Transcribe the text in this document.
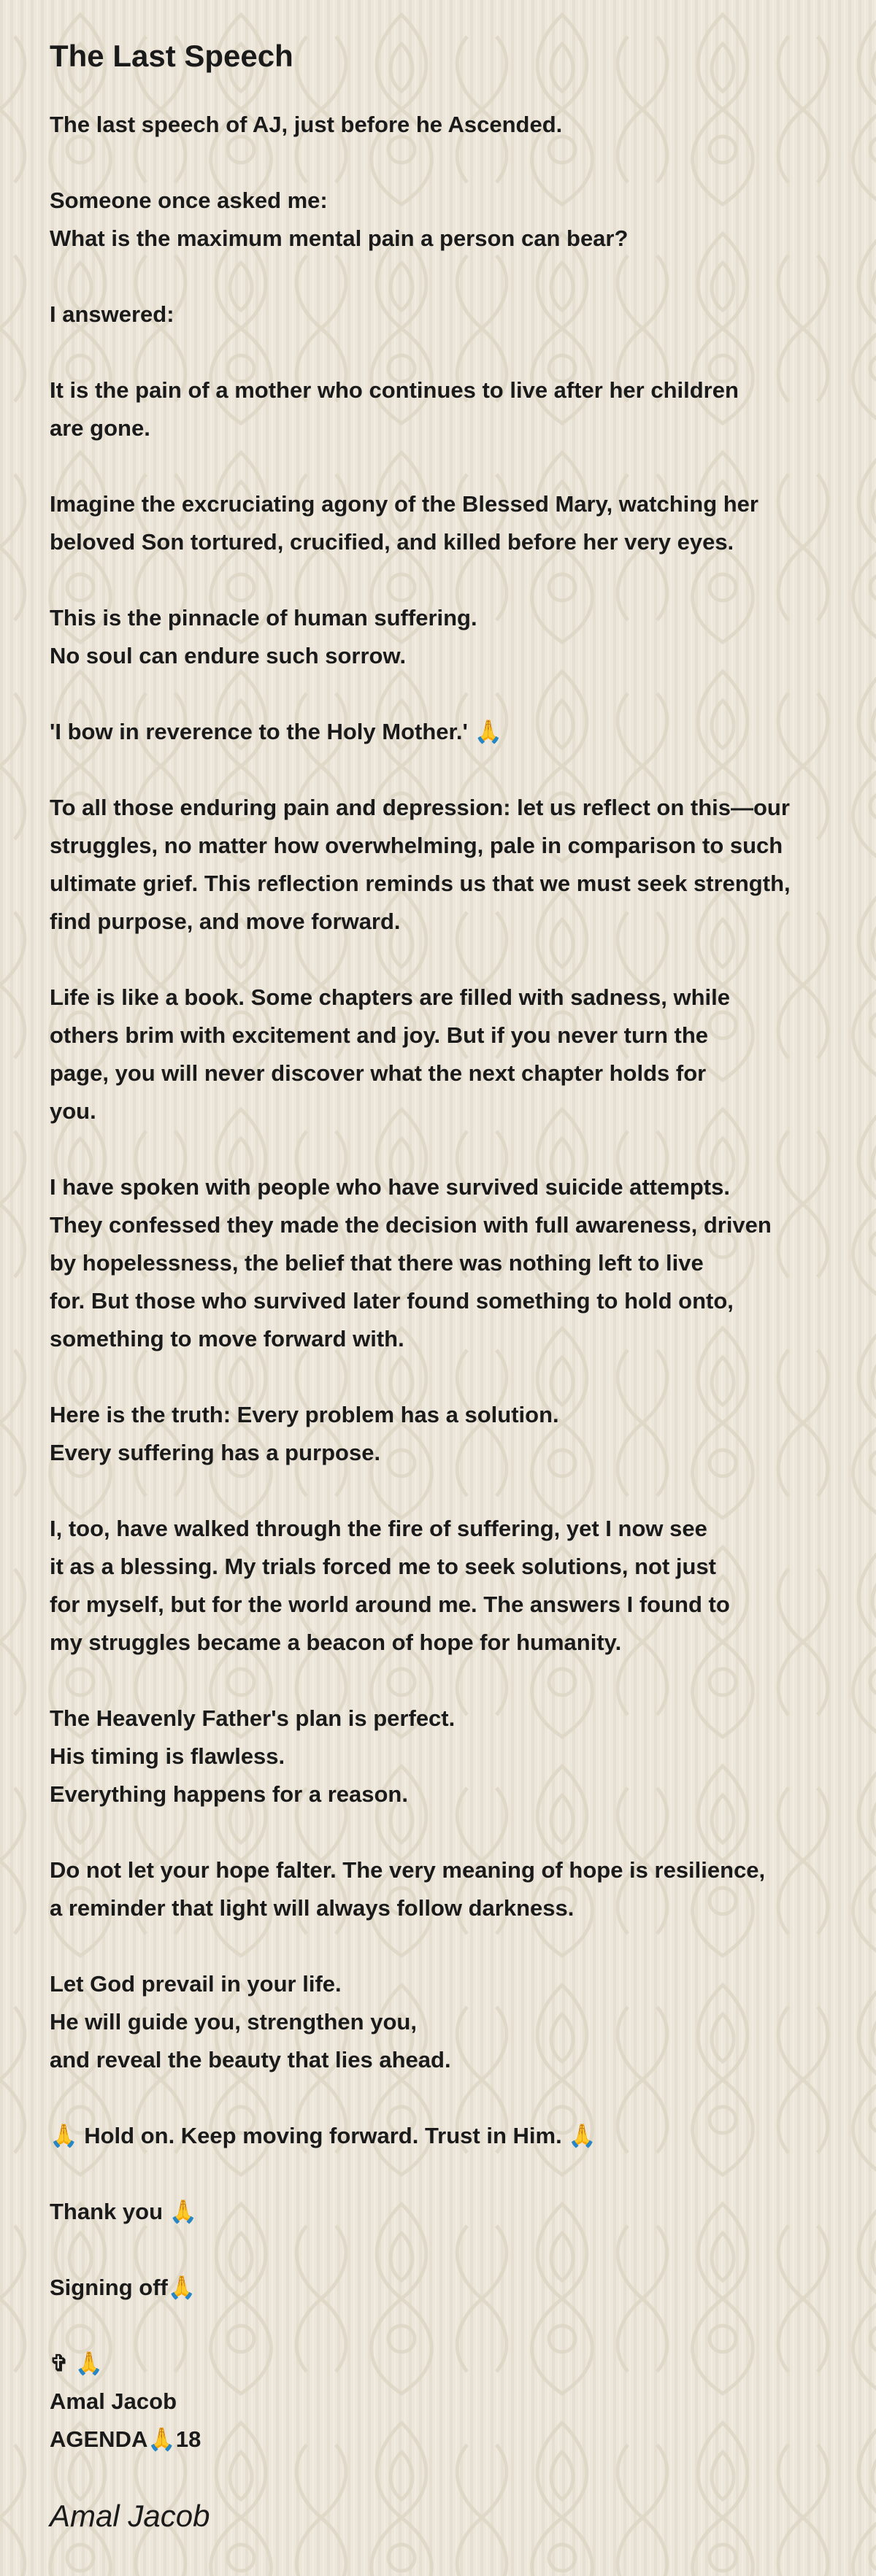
The Last Speech
The last speech of AJ, just before he Ascended.

Someone once asked me:
What is the maximum mental pain a person can bear?

I answered:

It is the pain of a mother who continues to live after her children
are gone.

Imagine the excruciating agony of the Blessed Mary, watching her
beloved Son tortured, crucified, and killed before her very eyes.

This is the pinnacle of human suffering.
No soul can endure such sorrow.

'I bow in reverence to the Holy Mother.' 🙏

To all those enduring pain and depression: let us reflect on this—our
struggles, no matter how overwhelming, pale in comparison to such
ultimate grief. This reflection reminds us that we must seek strength,
find purpose, and move forward.

Life is like a book. Some chapters are filled with sadness, while
others brim with excitement and joy. But if you never turn the
page, you will never discover what the next chapter holds for
you.

I have spoken with people who have survived suicide attempts.
They confessed they made the decision with full awareness, driven
by hopelessness, the belief that there was nothing left to live
for. But those who survived later found something to hold onto,
something to move forward with.

Here is the truth: Every problem has a solution.
Every suffering has a purpose.

I, too, have walked through the fire of suffering, yet I now see
it as a blessing. My trials forced me to seek solutions, not just
for myself, but for the world around me. The answers I found to
my struggles became a beacon of hope for humanity.

The Heavenly Father's plan is perfect.
His timing is flawless.
Everything happens for a reason.

Do not let your hope falter. The very meaning of hope is resilience,
a reminder that light will always follow darkness.

Let God prevail in your life.
He will guide you, strengthen you,
and reveal the beauty that lies ahead.

🙏 Hold on. Keep moving forward. Trust in Him. 🙏

Thank you 🙏

Signing off🙏

✞ 🙏
Amal Jacob
AGENDA🙏18
Amal Jacob
